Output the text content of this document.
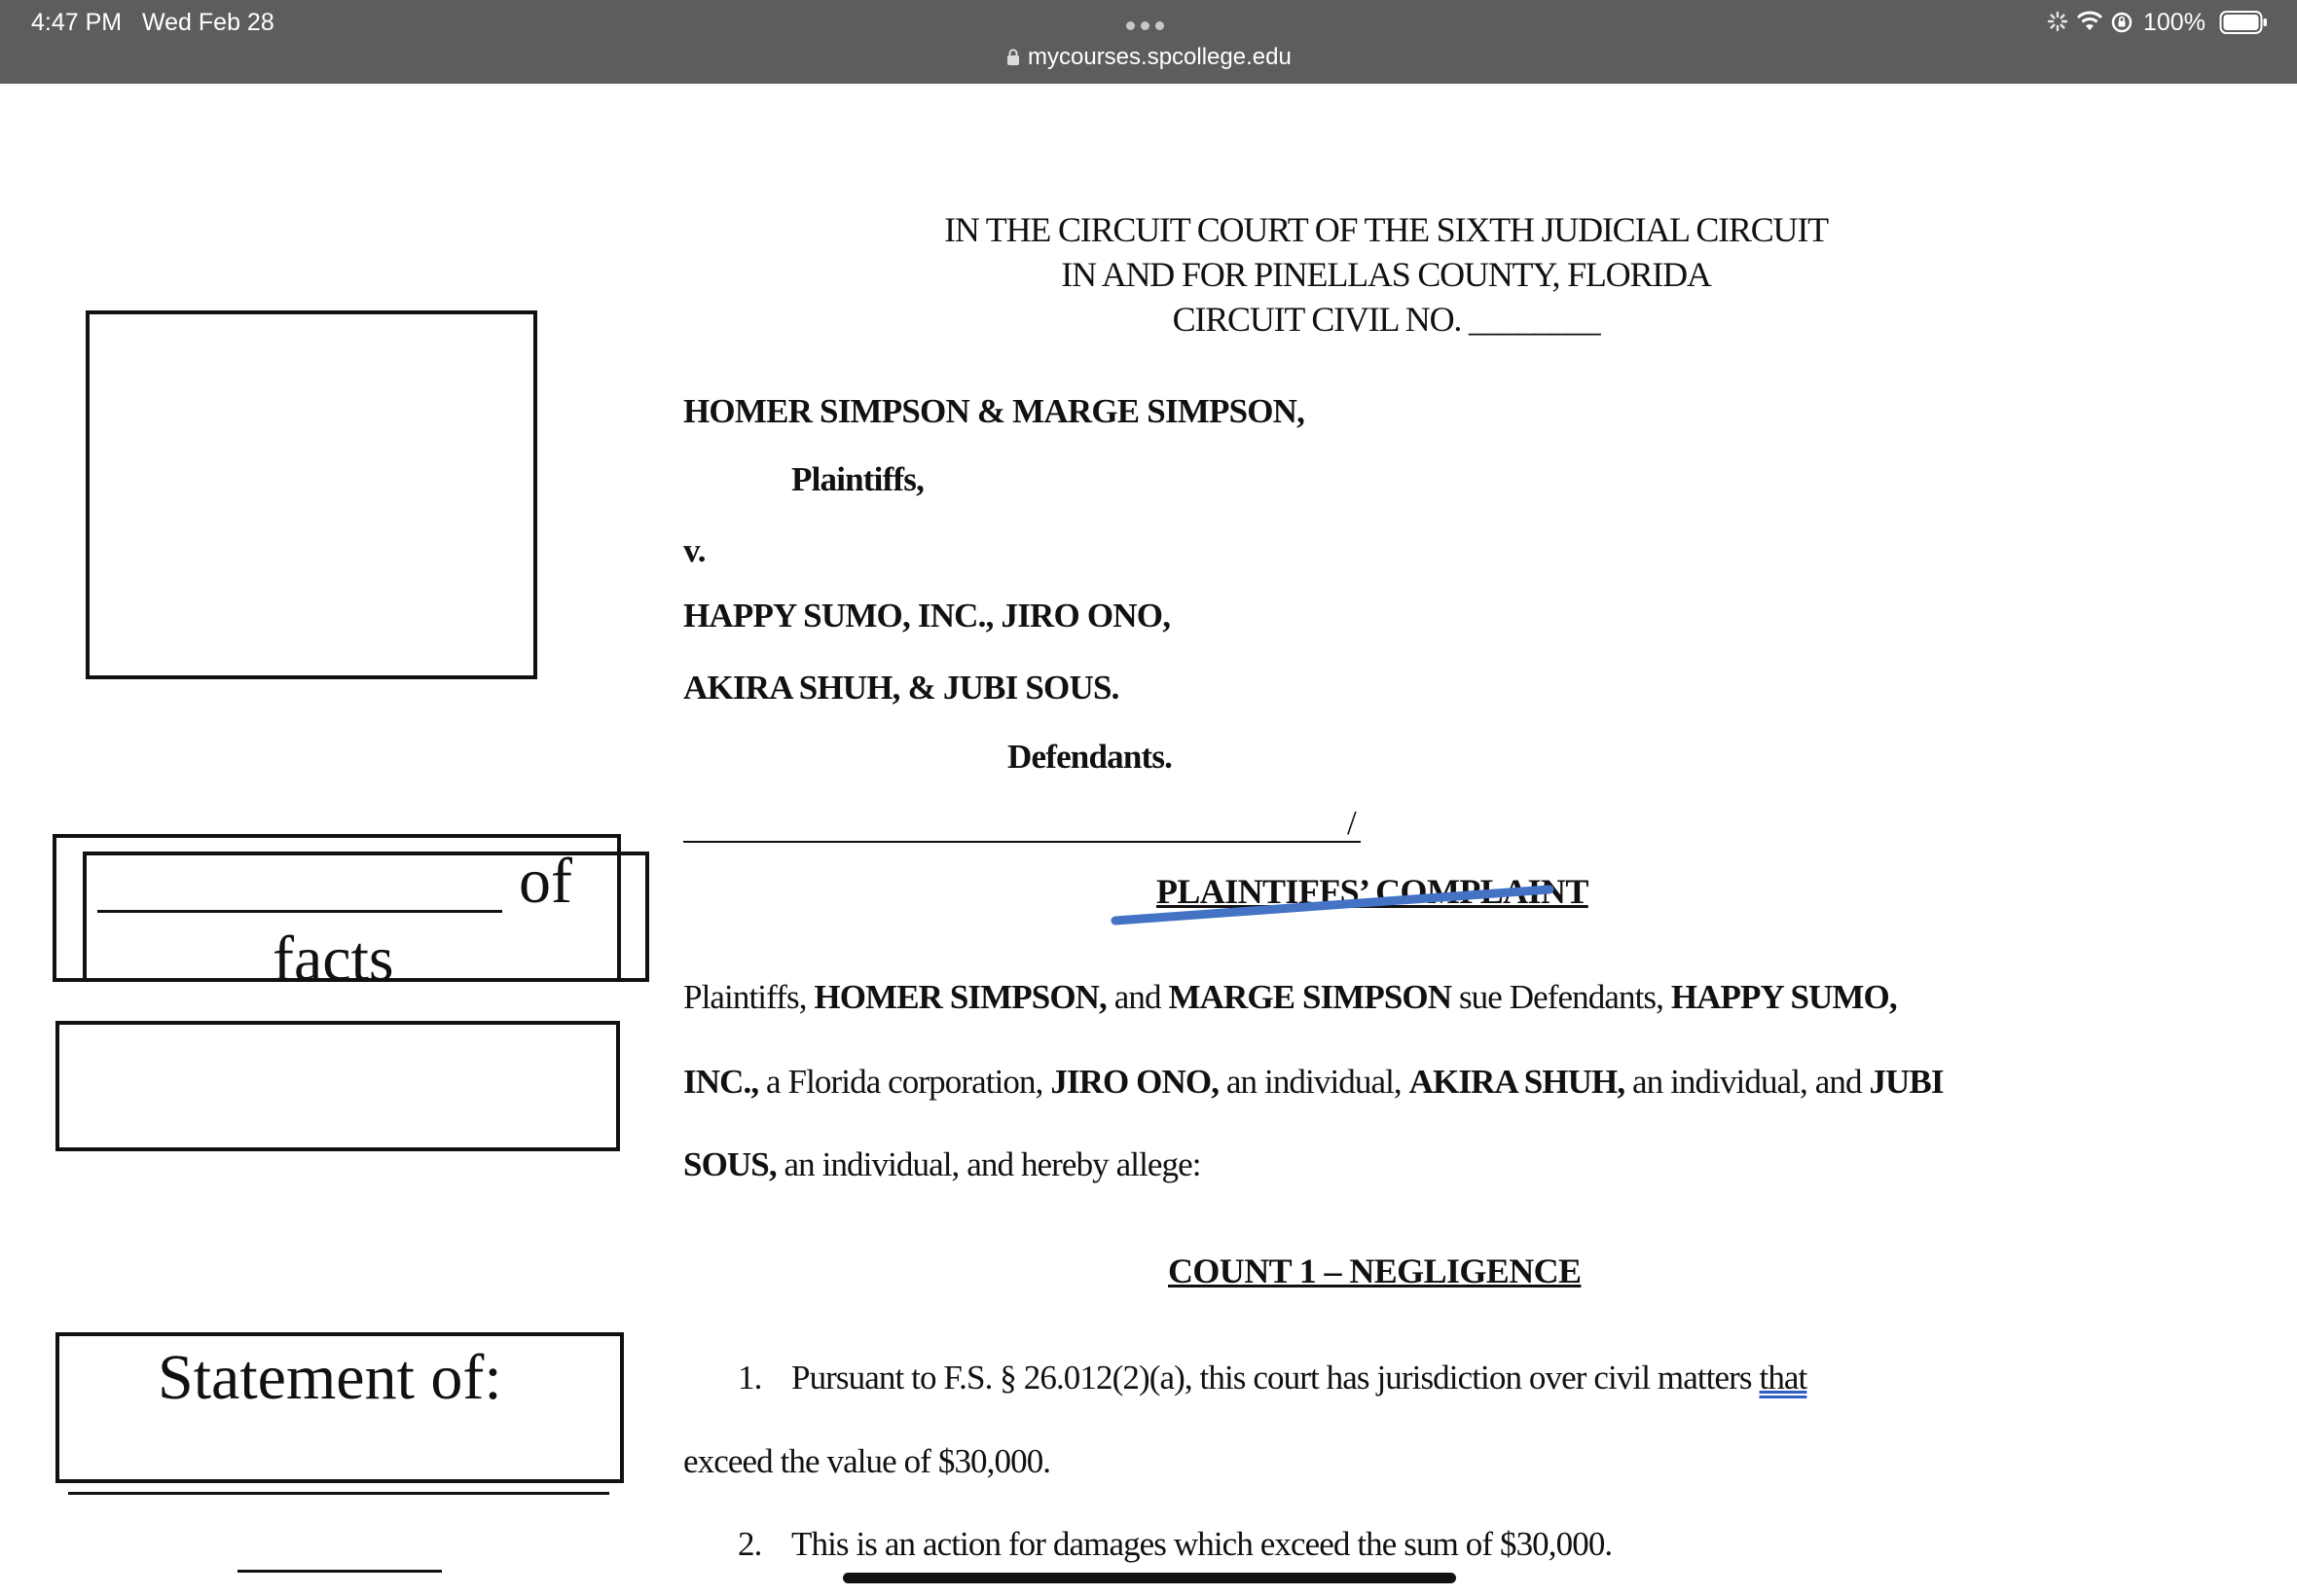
4:47 PM Wed Feb 28
mycourses.spcollege.edu
100%
IN THE CIRCUIT COURT OF THE SIXTH JUDICIAL CIRCUIT
IN AND FOR PINELLAS COUNTY, FLORIDA
CIRCUIT CIVIL NO. ________
HOMER SIMPSON & MARGE SIMPSON,
Plaintiffs,
v.
HAPPY SUMO, INC., JIRO ONO,
AKIRA SHUH, & JUBI SOUS.
Defendants.
/
PLAINTIFFS’ COMPLAINT
Plaintiffs, HOMER SIMPSON, and MARGE SIMPSON sue Defendants, HAPPY SUMO,
INC., a Florida corporation, JIRO ONO, an individual, AKIRA SHUH, an individual, and JUBI
SOUS, an individual, and hereby allege:
COUNT 1 – NEGLIGENCE
1. Pursuant to F.S. § 26.012(2)(a), this court has jurisdiction over civil matters that
exceed the value of $30,000.
2. This is an action for damages which exceed the sum of $30,000.
of
facts
Statement of:
